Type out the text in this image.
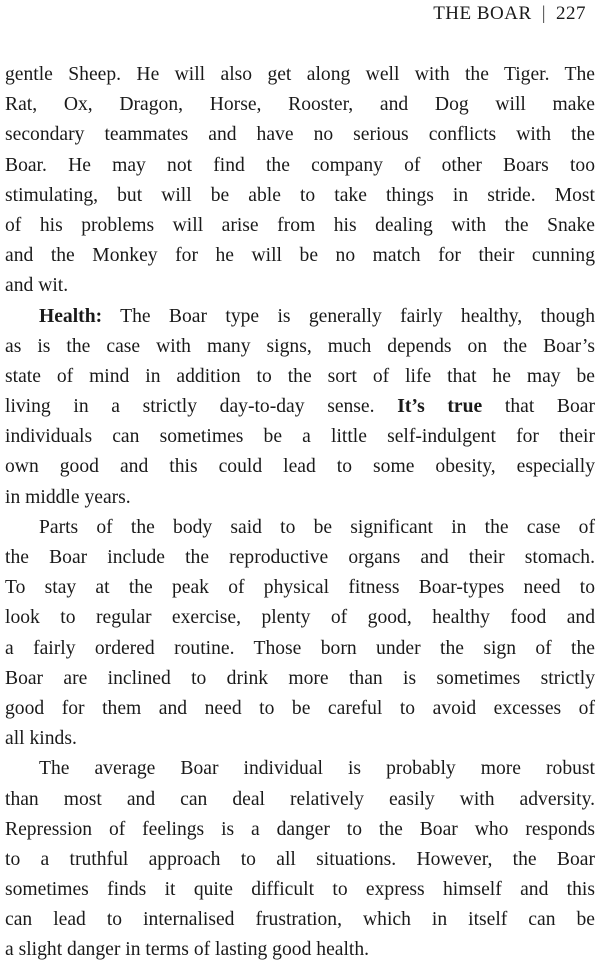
THE BOAR | 227
gentle Sheep. He will also get along well with the Tiger. The
Rat, Ox, Dragon, Horse, Rooster, and Dog will make
secondary teammates and have no serious conflicts with the
Boar. He may not find the company of other Boars too
stimulating, but will be able to take things in stride. Most
of his problems will arise from his dealing with the Snake
and the Monkey for he will be no match for their cunning
and wit.
Health: The Boar type is generally fairly healthy, though
as is the case with many signs, much depends on the Boar’s
state of mind in addition to the sort of life that he may be
living in a strictly day-to-day sense. It’s true that Boar
individuals can sometimes be a little self-indulgent for their
own good and this could lead to some obesity, especially
in middle years.
Parts of the body said to be significant in the case of
the Boar include the reproductive organs and their stomach.
To stay at the peak of physical fitness Boar-types need to
look to regular exercise, plenty of good, healthy food and
a fairly ordered routine. Those born under the sign of the
Boar are inclined to drink more than is sometimes strictly
good for them and need to be careful to avoid excesses of
all kinds.
The average Boar individual is probably more robust
than most and can deal relatively easily with adversity.
Repression of feelings is a danger to the Boar who responds
to a truthful approach to all situations. However, the Boar
sometimes finds it quite difficult to express himself and this
can lead to internalised frustration, which in itself can be
a slight danger in terms of lasting good health.
